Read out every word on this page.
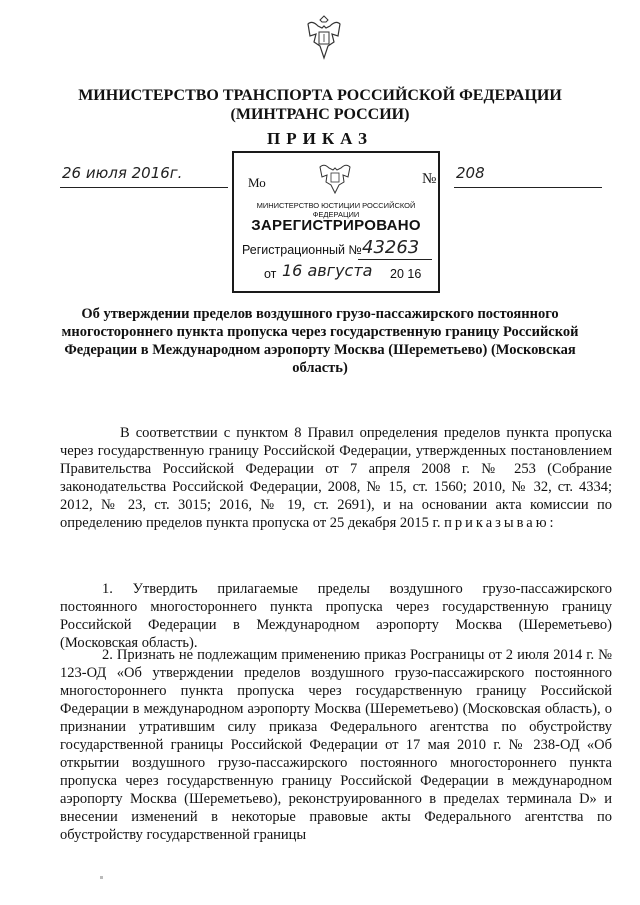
МИНИСТЕРСТВО ТРАНСПОРТА РОССИЙСКОЙ ФЕДЕРАЦИИ
(МИНТРАНС РОССИИ)
ПРИКАЗ
26 июля 2016г.	№ 208
Мо
МИНИСТЕРСТВО ЮСТИЦИИ РОССИЙСКОЙ ФЕДЕРАЦИИ
ЗАРЕГИСТРИРОВАНО
Регистрационный № 43263
от 16 августа 20 16
Об утверждении пределов воздушного грузо-пассажирского постоянного многостороннего пункта пропуска через государственную границу Российской Федерации в Международном аэропорту Москва (Шереметьево) (Московская область)
В соответствии с пунктом 8 Правил определения пределов пункта пропуска через государственную границу Российской Федерации, утвержденных постановлением Правительства Российской Федерации от 7 апреля 2008 г. № 253 (Собрание законодательства Российской Федерации, 2008, № 15, ст. 1560; 2010, № 32, ст. 4334; 2012, № 23, ст. 3015; 2016, № 19, ст. 2691), и на основании акта комиссии по определению пределов пункта пропуска от 25 декабря 2015 г. приказываю:
1. Утвердить прилагаемые пределы воздушного грузо-пассажирского постоянного многостороннего пункта пропуска через государственную границу Российской Федерации в Международном аэропорту Москва (Шереметьево) (Московская область).
2. Признать не подлежащим применению приказ Росграницы от 2 июля 2014 г. № 123-ОД «Об утверждении пределов воздушного грузо-пассажирского постоянного многостороннего пункта пропуска через государственную границу Российской Федерации в международном аэропорту Москва (Шереметьево) (Московская область), о признании утратившим силу приказа Федерального агентства по обустройству государственной границы Российской Федерации от 17 мая 2010 г. № 238-ОД «Об открытии воздушного грузо-пассажирского постоянного многостороннего пункта пропуска через государственную границу Российской Федерации в международном аэропорту Москва (Шереметьево), реконструированного в пределах терминала D» и внесении изменений в некоторые правовые акты Федерального агентства по обустройству государственной границы
